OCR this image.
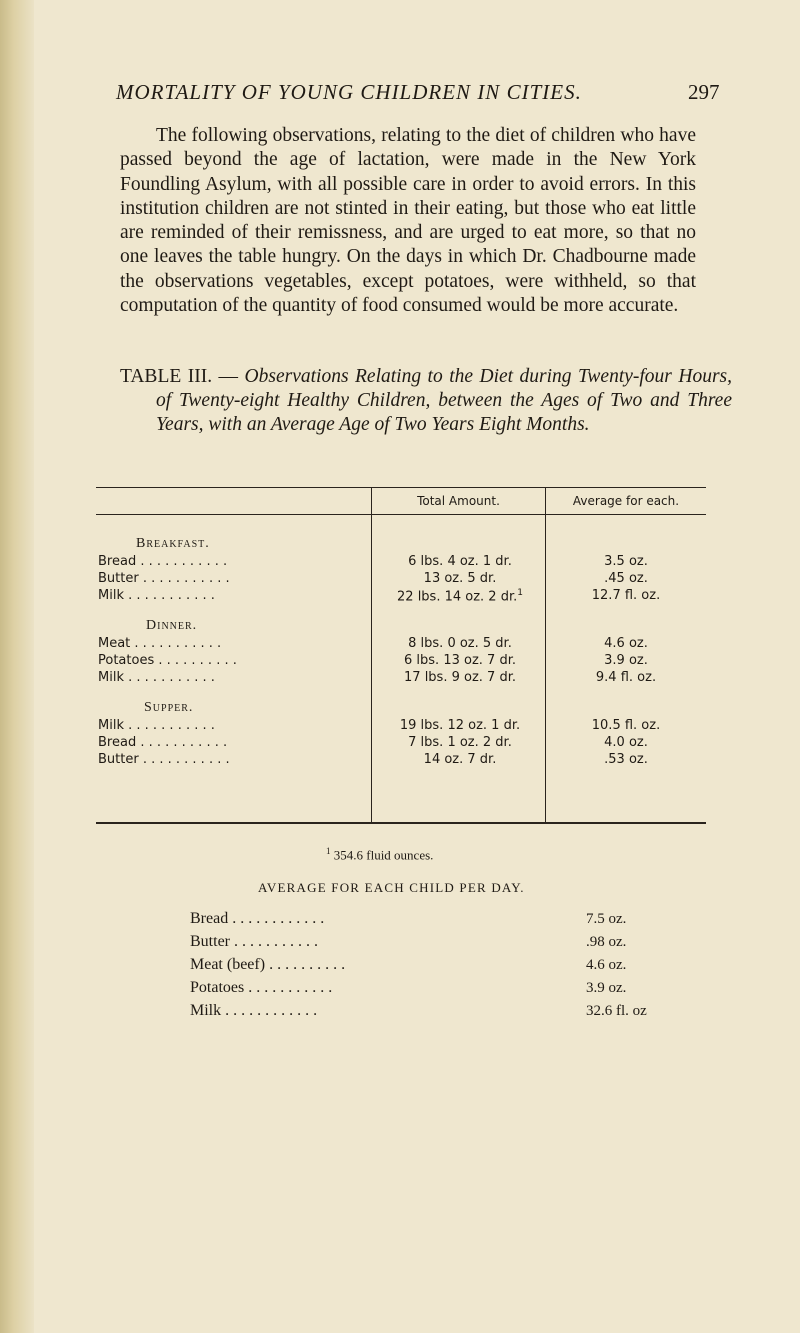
MORTALITY OF YOUNG CHILDREN IN CITIES.	297

The following observations, relating to the diet of children who have passed beyond the age of lactation, were made in the New York Foundling Asylum, with all possible care in order to avoid errors. In this institution children are not stinted in their eating, but those who eat little are reminded of their remissness, and are urged to eat more, so that no one leaves the table hungry. On the days in which Dr. Chadbourne made the observations vegetables, except potatoes, were withheld, so that computation of the quantity of food consumed would be more accurate.

TABLE III. — Observations Relating to the Diet during Twenty-four Hours, of Twenty-eight Healthy Children, between the Ages of Two and Three Years, with an Average Age of Two Years Eight Months.

Total Amount.	Average for each.
Breakfast.
Bread . . . . . . . . . . .	6 lbs. 4 oz. 1 dr.	3.5 oz.
Butter . . . . . . . . . . .	13 oz. 5 dr.	.45 oz.
Milk . . . . . . . . . . .	22 lbs. 14 oz. 2 dr.$^1$	12.7 fl. oz.
Dinner.
Meat . . . . . . . . . . .	8 lbs. 0 oz. 5 dr.	4.6 oz.
Potatoes . . . . . . . . . .	6 lbs. 13 oz. 7 dr.	3.9 oz.
Milk . . . . . . . . . . .	17 lbs. 9 oz. 7 dr.	9.4 fl. oz.
Supper.
Milk . . . . . . . . . . .	19 lbs. 12 oz. 1 dr.	10.5 fl. oz.
Bread . . . . . . . . . . .	7 lbs. 1 oz. 2 dr.	4.0 oz.
Butter . . . . . . . . . . .	14 oz. 7 dr.	.53 oz.
$^1$ 354.6 fluid ounces.
AVERAGE FOR EACH CHILD PER DAY.
Bread . . . . . . . . . . . .	7.5 oz.
Butter . . . . . . . . . . .	.98 oz.
Meat (beef) . . . . . . . . . .	4.6 oz.
Potatoes . . . . . . . . . . .	3.9 oz.
Milk . . . . . . . . . . . .	32.6 fl. oz
